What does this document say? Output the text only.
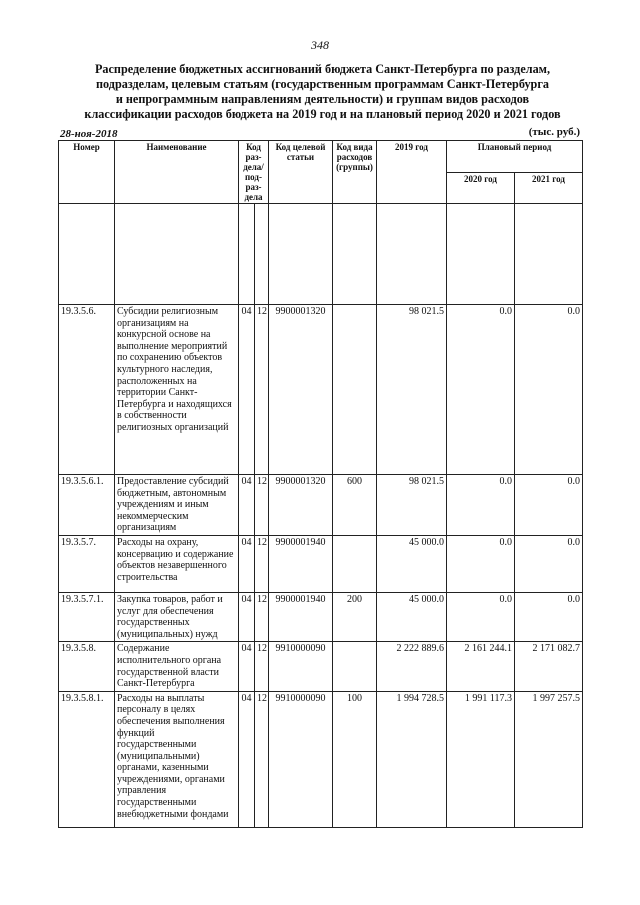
348
Распределение бюджетных ассигнований бюджета Санкт-Петербурга по разделам,
подразделам, целевым статьям (государственным программам Санкт-Петербурга
и непрограммным направлениям деятельности) и группам видов расходов
классификации расходов бюджета на 2019 год и на плановый период 2020 и 2021 годов
28-ноя-2018	(тыс. руб.)
Номер	Наименование	Код раз- дела/ под- раз- дела		Код целевой статьи	Код вида расходов (группы)	2019 год	Плановый период	
							2020 год	2021 год

19.3.5.6.	Субсидии религиозным организациям на конкурсной основе на выполнение мероприятий по сохранению объектов культурного наследия, расположенных на территории Санкт-Петербурга и находящихся в собственности религиозных организаций	04	12	9900001320		98 021.5	0.0	0.0
19.3.5.6.1.	Предоставление субсидий бюджетным, автономным учреждениям и иным некоммерческим организациям	04	12	9900001320	600	98 021.5	0.0	0.0
19.3.5.7.	Расходы на охрану, консервацию и содержание объектов незавершенного строительства	04	12	9900001940		45 000.0	0.0	0.0
19.3.5.7.1.	Закупка товаров, работ и услуг для обеспечения государственных (муниципальных) нужд	04	12	9900001940	200	45 000.0	0.0	0.0
19.3.5.8.	Содержание исполнительного органа государственной власти Санкт-Петербурга	04	12	9910000090		2 222 889.6	2 161 244.1	2 171 082.7
19.3.5.8.1.	Расходы на выплаты персоналу в целях обеспечения выполнения функций государственными (муниципальными) органами, казенными учреждениями, органами управления государственными внебюджетными фондами	04	12	9910000090	100	1 994 728.5	1 991 117.3	1 997 257.5
